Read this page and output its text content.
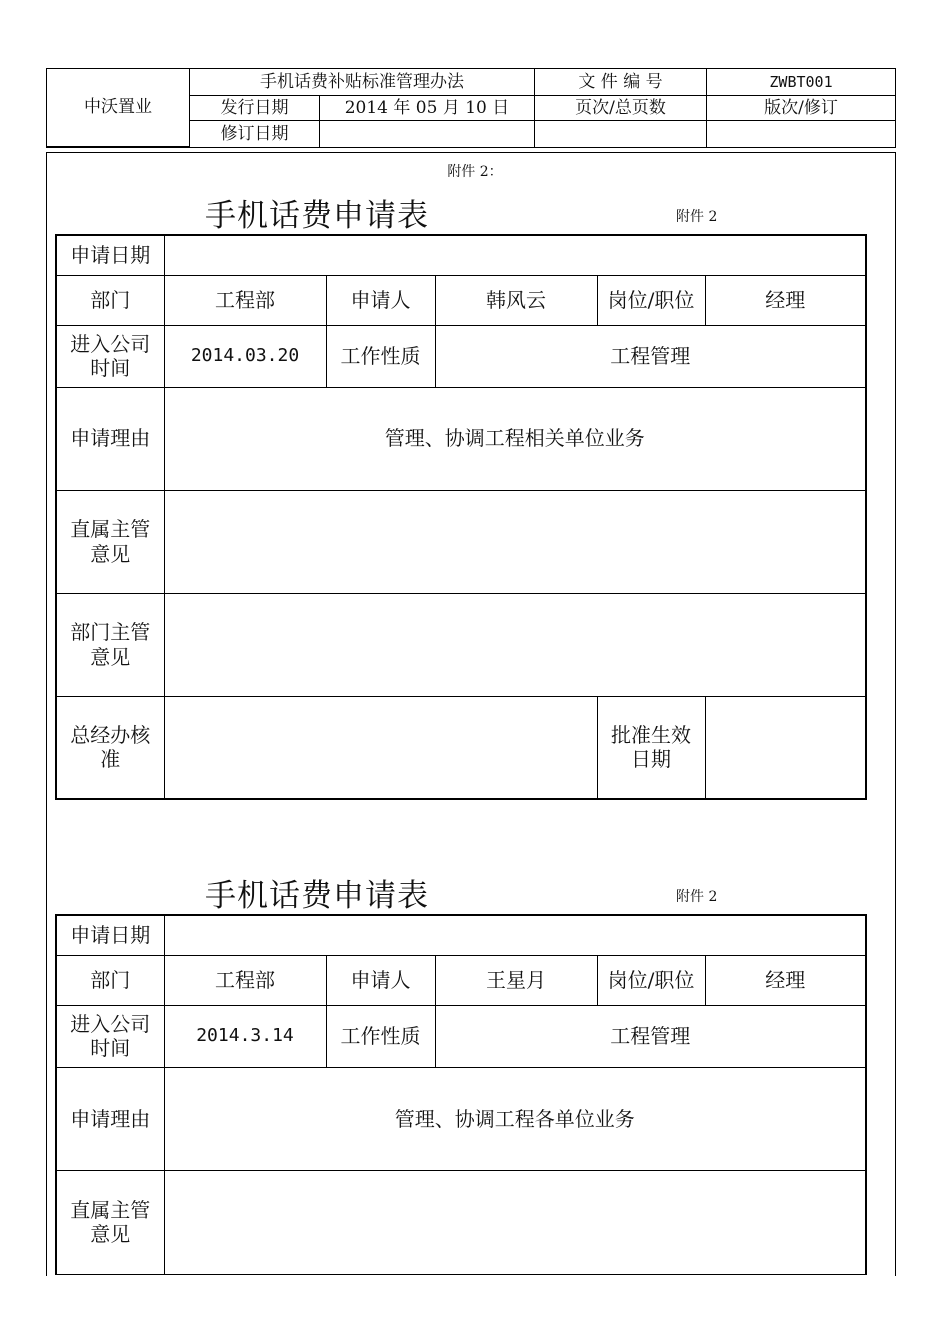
中沃置业	手机话费补贴标准管理办法		文 件 编 号	ZWBT001
	发行日期	2014 年 05 月 10 日	页次/总页数	版次/修订
	修订日期			
附件 2：
手机话费申请表	附件 2
申请日期					
部门	工程部	申请人	韩风云	岗位/职位	经理
进入公司时间	2014.03.20	工作性质	工程管理		
申请理由	管理、协调工程相关单位业务				
直属主管意见					
部门主管意见					
总经办核准				批准生效日期	
手机话费申请表	附件 2
申请日期					
部门	工程部	申请人	王星月	岗位/职位	经理
进入公司时间	2014.3.14	工作性质	工程管理		
申请理由	管理、协调工程各单位业务				
直属主管意见					
